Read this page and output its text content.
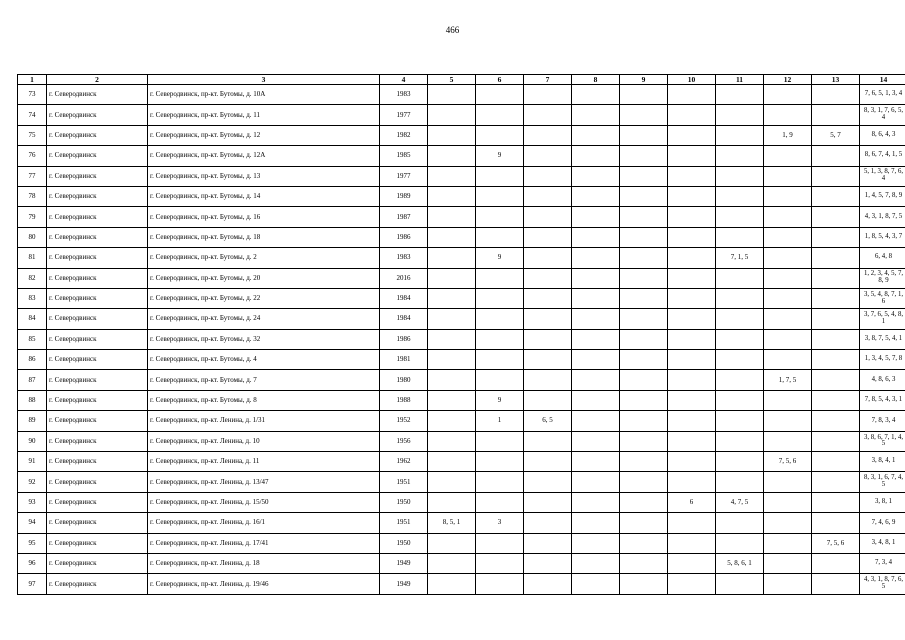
466
1	2	3	4	5	6	7	8	9	10	11	12	13	14
73	г. Северодвинск	г. Северодвинск, пр-кт. Бутомы, д. 10А	1983										7, 6, 5, 1, 3, 4
74	г. Северодвинск	г. Северодвинск, пр-кт. Бутомы, д. 11	1977										8, 3, 1, 7, 6, 5, 4
75	г. Северодвинск	г. Северодвинск, пр-кт. Бутомы, д. 12	1982								1, 9	5, 7	8, 6, 4, 3
76	г. Северодвинск	г. Северодвинск, пр-кт. Бутомы, д. 12А	1985		9								8, 6, 7, 4, 1, 5
77	г. Северодвинск	г. Северодвинск, пр-кт. Бутомы, д. 13	1977										5, 1, 3, 8, 7, 6, 4
78	г. Северодвинск	г. Северодвинск, пр-кт. Бутомы, д. 14	1989										1, 4, 5, 7, 8, 9
79	г. Северодвинск	г. Северодвинск, пр-кт. Бутомы, д. 16	1987										4, 3, 1, 8, 7, 5
80	г. Северодвинск	г. Северодвинск, пр-кт. Бутомы, д. 18	1986										1, 8, 5, 4, 3, 7
81	г. Северодвинск	г. Северодвинск, пр-кт. Бутомы, д. 2	1983		9					7, 1, 5			6, 4, 8
82	г. Северодвинск	г. Северодвинск, пр-кт. Бутомы, д. 20	2016										1, 2, 3, 4, 5, 7, 8, 9
83	г. Северодвинск	г. Северодвинск, пр-кт. Бутомы, д. 22	1984										3, 5, 4, 8, 7, 1, 6
84	г. Северодвинск	г. Северодвинск, пр-кт. Бутомы, д. 24	1984										3, 7, 6, 5, 4, 8, 1
85	г. Северодвинск	г. Северодвинск, пр-кт. Бутомы, д. 32	1986										3, 8, 7, 5, 4, 1
86	г. Северодвинск	г. Северодвинск, пр-кт. Бутомы, д. 4	1981										1, 3, 4, 5, 7, 8
87	г. Северодвинск	г. Северодвинск, пр-кт. Бутомы, д. 7	1980								1, 7, 5		4, 8, 6, 3
88	г. Северодвинск	г. Северодвинск, пр-кт. Бутомы, д. 8	1988		9								7, 8, 5, 4, 3, 1
89	г. Северодвинск	г. Северодвинск, пр-кт. Ленина, д. 1/31	1952		1	6, 5							7, 8, 3, 4
90	г. Северодвинск	г. Северодвинск, пр-кт. Ленина, д. 10	1956										3, 8, 6, 7, 1, 4, 5
91	г. Северодвинск	г. Северодвинск, пр-кт. Ленина, д. 11	1962								7, 5, 6		3, 8, 4, 1
92	г. Северодвинск	г. Северодвинск, пр-кт. Ленина, д. 13/47	1951										8, 3, 1, 6, 7, 4, 5
93	г. Северодвинск	г. Северодвинск, пр-кт. Ленина, д. 15/50	1950						6	4, 7, 5			3, 8, 1
94	г. Северодвинск	г. Северодвинск, пр-кт. Ленина, д. 16/1	1951	8, 5, 1	3								7, 4, 6, 9
95	г. Северодвинск	г. Северодвинск, пр-кт. Ленина, д. 17/41	1950									7, 5, 6	3, 4, 8, 1
96	г. Северодвинск	г. Северодвинск, пр-кт. Ленина, д. 18	1949							5, 8, 6, 1			7, 3, 4
97	г. Северодвинск	г. Северодвинск, пр-кт. Ленина, д. 19/46	1949										4, 3, 1, 8, 7, 6, 5
